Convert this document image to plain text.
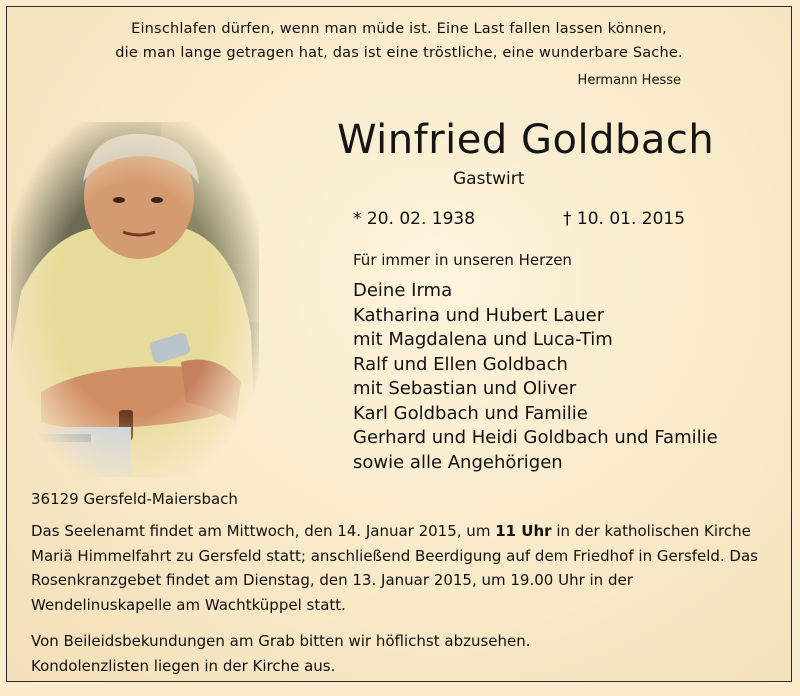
Einschlafen dürfen, wenn man müde ist. Eine Last fallen lassen können,
die man lange getragen hat, das ist eine tröstliche, eine wunderbare Sache.
Hermann Hesse
Winfried Goldbach
Gastwirt
* 20. 02. 1938	† 10. 01. 2015
Für immer in unseren Herzen
Deine Irma
Katharina und Hubert Lauer
mit Magdalena und Luca-Tim
Ralf und Ellen Goldbach
mit Sebastian und Oliver
Karl Goldbach und Familie
Gerhard und Heidi Goldbach und Familie
sowie alle Angehörigen
36129 Gersfeld-Maiersbach

Das Seelenamt findet am Mittwoch, den 14. Januar 2015, um 11 Uhr in der katholischen Kirche Mariä Himmelfahrt zu Gersfeld statt; anschließend Beerdigung auf dem Friedhof in Gersfeld. Das Rosenkranzgebet findet am Dienstag, den 13. Januar 2015, um 19.00 Uhr in der Wendelinuskapelle am Wachtküppel statt.

Von Beileidsbekundungen am Grab bitten wir höflichst abzusehen.
Kondolenzlisten liegen in der Kirche aus.
